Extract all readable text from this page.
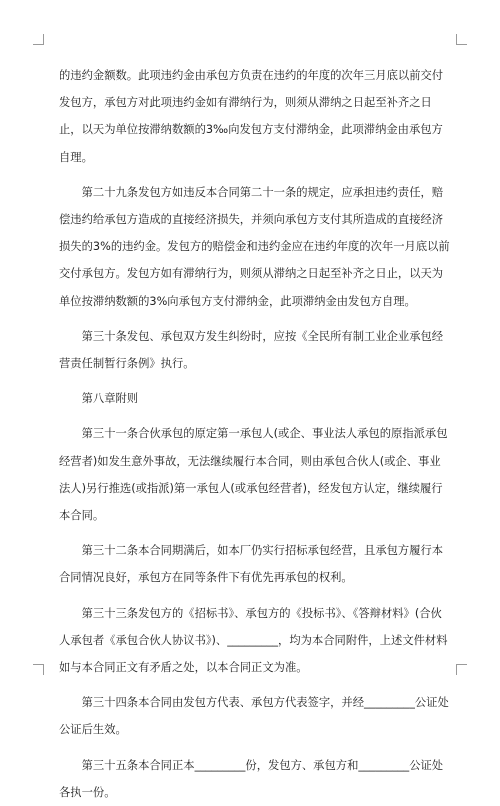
的违约金额数。此项违约金由承包方负责在违约的年度的次年三月底以前交付发包方，承包方对此项违约金如有滞纳行为，则须从滞纳之日起至补齐之日止，以天为单位按滞纳数额的3‰向发包方支付滞纳金，此项滞纳金由承包方自理。

　　第二十九条发包方如违反本合同第二十一条的规定，应承担违约责任，赔偿违约给承包方造成的直接经济损失，并须向承包方支付其所造成的直接经济损失的3%的违约金。发包方的赔偿金和违约金应在违约年度的次年一月底以前交付承包方。发包方如有滞纳行为，则须从滞纳之日起至补齐之日止，以天为单位按滞纳数额的3%向承包方支付滞纳金，此项滞纳金由发包方自理。

　　第三十条发包、承包双方发生纠纷时，应按《全民所有制工业企业承包经营责任制暂行条例》执行。

　　第八章附则

　　第三十一条合伙承包的原定第一承包人(或企、事业法人承包的原指派承包经营者)如发生意外事故，无法继续履行本合同，则由承包合伙人(或企、事业法人)另行推选(或指派)第一承包人(或承包经营者)，经发包方认定，继续履行本合同。

　　第三十二条本合同期满后，如本厂仍实行招标承包经营，且承包方履行本合同情况良好，承包方在同等条件下有优先再承包的权利。

　　第三十三条发包方的《招标书》、承包方的《投标书》、《答辩材料》(合伙人承包者《承包合伙人协议书》)、_________，均为本合同附件，上述文件材料如与本合同正文有矛盾之处，以本合同正文为准。

　　第三十四条本合同由发包方代表、承包方代表签字，并经_________公证处公证后生效。

　　第三十五条本合同正本_________份，发包方、承包方和_________公证处各执一份。
